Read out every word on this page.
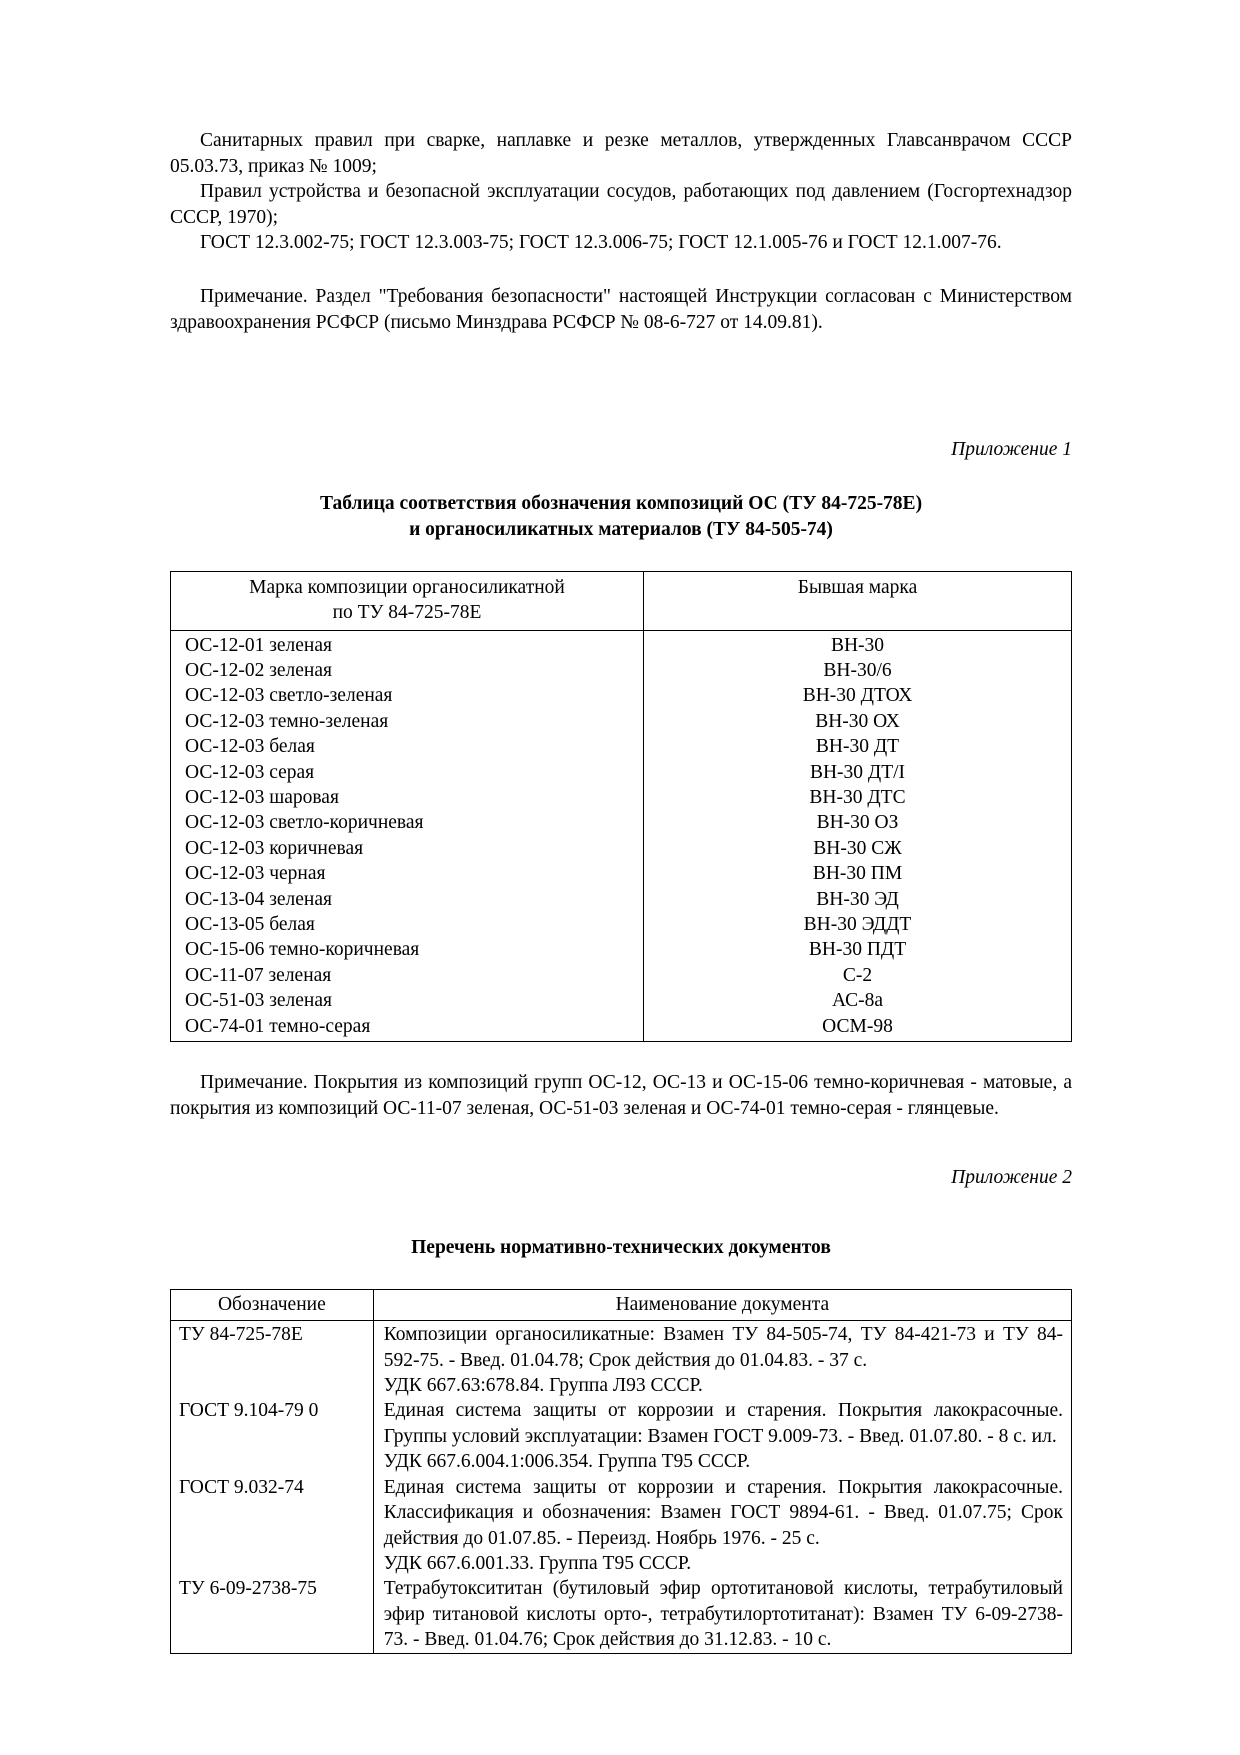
Санитарных правил при сварке, наплавке и резке металлов, утвержденных Главсанврачом СССР 05.03.73, приказ № 1009;

Правил устройства и безопасной эксплуатации сосудов, работающих под давлением (Госгортехнадзор СССР, 1970);

ГОСТ 12.3.002-75; ГОСТ 12.3.003-75; ГОСТ 12.3.006-75; ГОСТ 12.1.005-76 и ГОСТ 12.1.007-76.

Примечание. Раздел "Требования безопасности" настоящей Инструкции согласован с Министерством здравоохранения РСФСР (письмо Минздрава РСФСР № 08-6-727 от 14.09.81).

Приложение 1
Таблица соответствия обозначения композиций ОС (ТУ 84-725-78Е)
и органосиликатных материалов (ТУ 84-505-74)
Марка композиции органосиликатной
по ТУ 84-725-78Е	Бывшая марка
ОС-12-01 зеленая	ВН-30
ОС-12-02 зеленая	ВН-30/6
ОС-12-03 светло-зеленая	ВН-30 ДТОХ
ОС-12-03 темно-зеленая	ВН-30 ОХ
ОС-12-03 белая	ВН-30 ДТ
ОС-12-03 серая	ВН-30 ДТ/І
ОС-12-03 шаровая	ВН-30 ДТС
ОС-12-03 светло-коричневая	ВН-30 ОЗ
ОС-12-03 коричневая	ВН-30 СЖ
ОС-12-03 черная	ВН-30 ПМ
ОС-13-04 зеленая	ВН-30 ЭД
ОС-13-05 белая	ВН-30 ЭДДТ
ОС-15-06 темно-коричневая	ВН-30 ПДТ
ОС-11-07 зеленая	С-2
ОС-51-03 зеленая	АС-8а
ОС-74-01 темно-серая	ОСМ-98

Примечание. Покрытия из композиций групп ОС-12, ОС-13 и ОС-15-06 темно-коричневая - матовые, а покрытия из композиций ОС-11-07 зеленая, ОС-51-03 зеленая и ОС-74-01 темно-серая - глянцевые.

Приложение 2
Перечень нормативно-технических документов
Обозначение	Наименование документа
ТУ 84-725-78Е	Композиции органосиликатные: Взамен ТУ 84-505-74, ТУ 84-421-73 и ТУ 84-592-75. - Введ. 01.04.78; Срок действия до 01.04.83. - 37 с.
УДК 667.63:678.84. Группа Л93 СССР.

ГОСТ 9.104-79 0	Единая система защиты от коррозии и старения. Покрытия лакокрасочные. Группы условий эксплуатации: Взамен ГОСТ 9.009-73. - Введ. 01.07.80. - 8 с. ил.
УДК 667.6.004.1:006.354. Группа Т95 СССР.

ГОСТ 9.032-74	Единая система защиты от коррозии и старения. Покрытия лакокрасочные. Классификация и обозначения: Взамен ГОСТ 9894-61. - Введ. 01.07.75; Срок действия до 01.07.85. - Переизд. Ноябрь 1976. - 25 с.
УДК 667.6.001.33. Группа Т95 СССР.

ТУ 6-09-2738-75	Тетрабутоксититан (бутиловый эфир ортотитановой кислоты, тетрабутиловый эфир титановой кислоты орто-, тетрабутилортотитанат): Взамен ТУ 6-09-2738-73. - Введ. 01.04.76; Срок действия до 31.12.83. - 10 с.
